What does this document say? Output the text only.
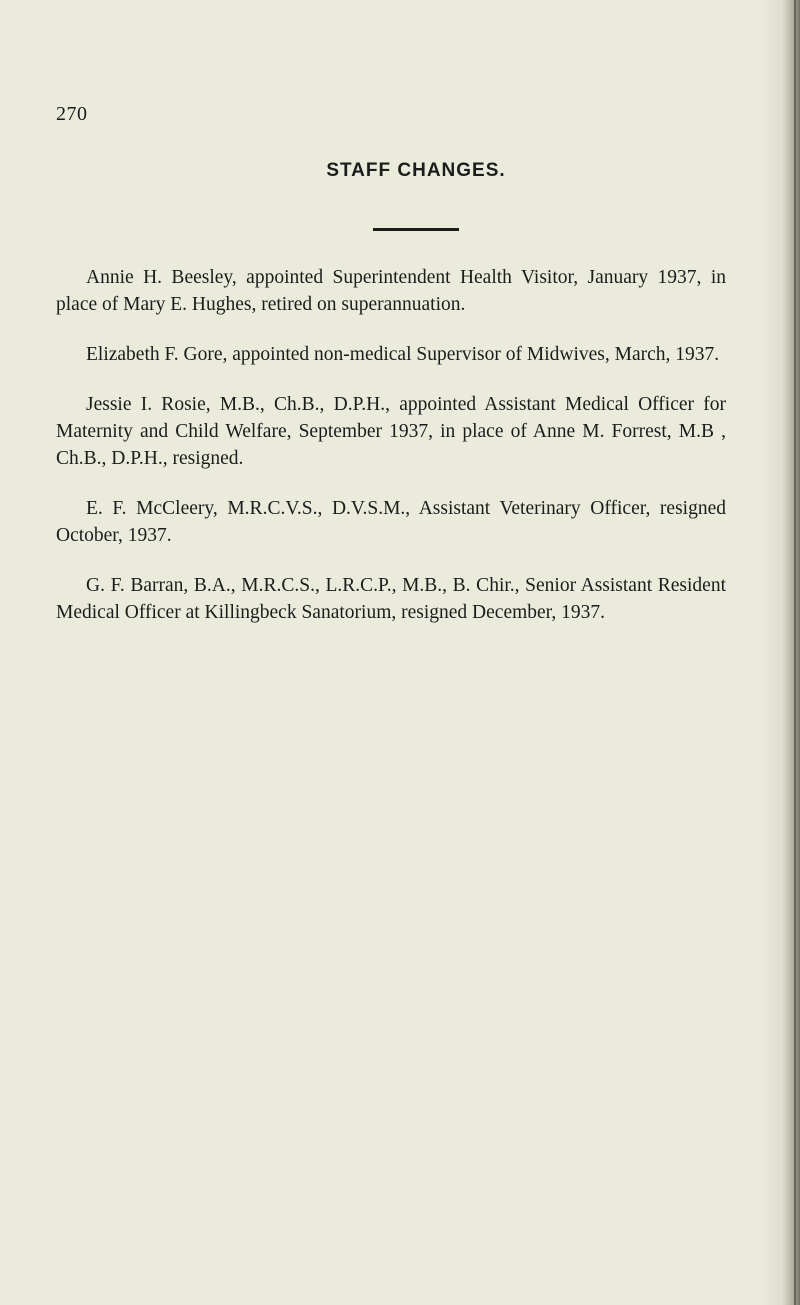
270
STAFF CHANGES.

Annie H. Beesley, appointed Superintendent Health Visitor, January 1937, in place of Mary E. Hughes, retired on superannuation.

Elizabeth F. Gore, appointed non-medical Supervisor of Midwives, March, 1937.

Jessie I. Rosie, M.B., Ch.B., D.P.H., appointed Assistant Medical Officer for Maternity and Child Welfare, September 1937, in place of Anne M. Forrest, M.B , Ch.B., D.P.H., resigned.

E. F. McCleery, M.R.C.V.S., D.V.S.M., Assistant Veterinary Officer, resigned October, 1937.

G. F. Barran, B.A., M.R.C.S., L.R.C.P., M.B., B. Chir., Senior Assistant Resident Medical Officer at Killingbeck Sanatorium, resigned December, 1937.
